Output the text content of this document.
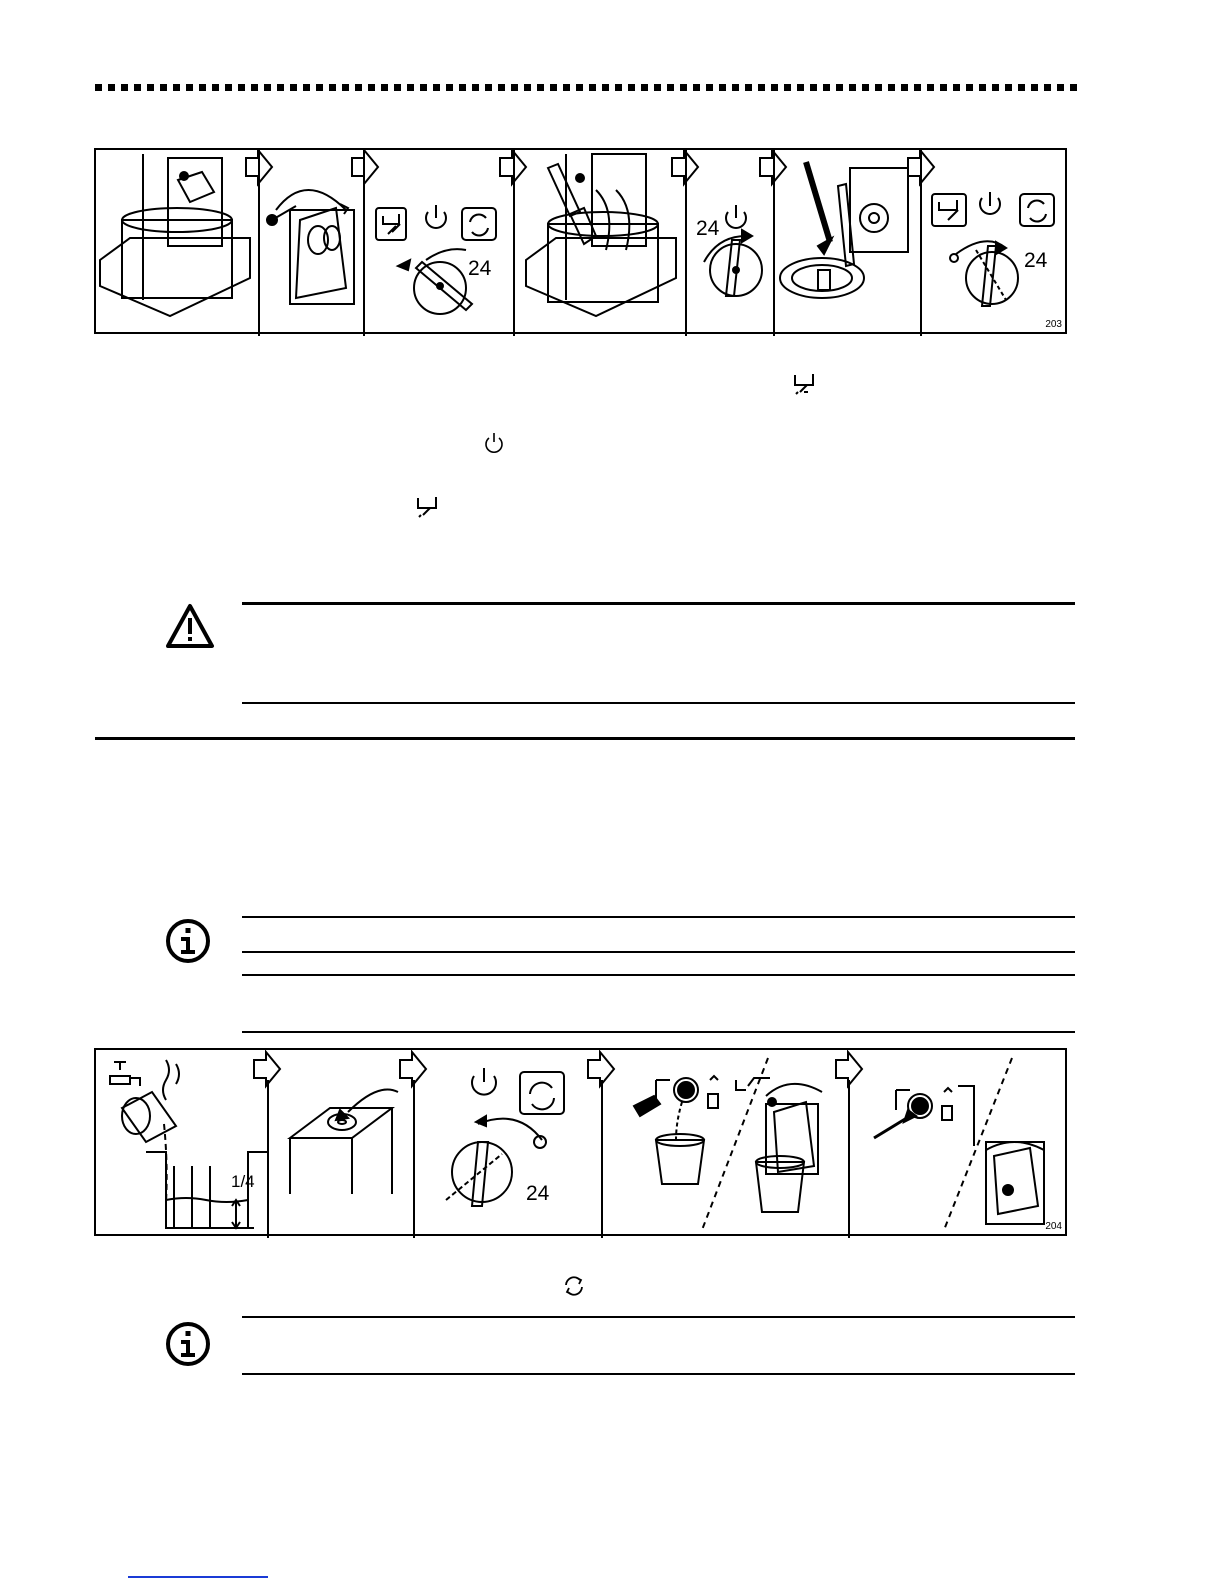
24
24
24
203
1/4
24
204
